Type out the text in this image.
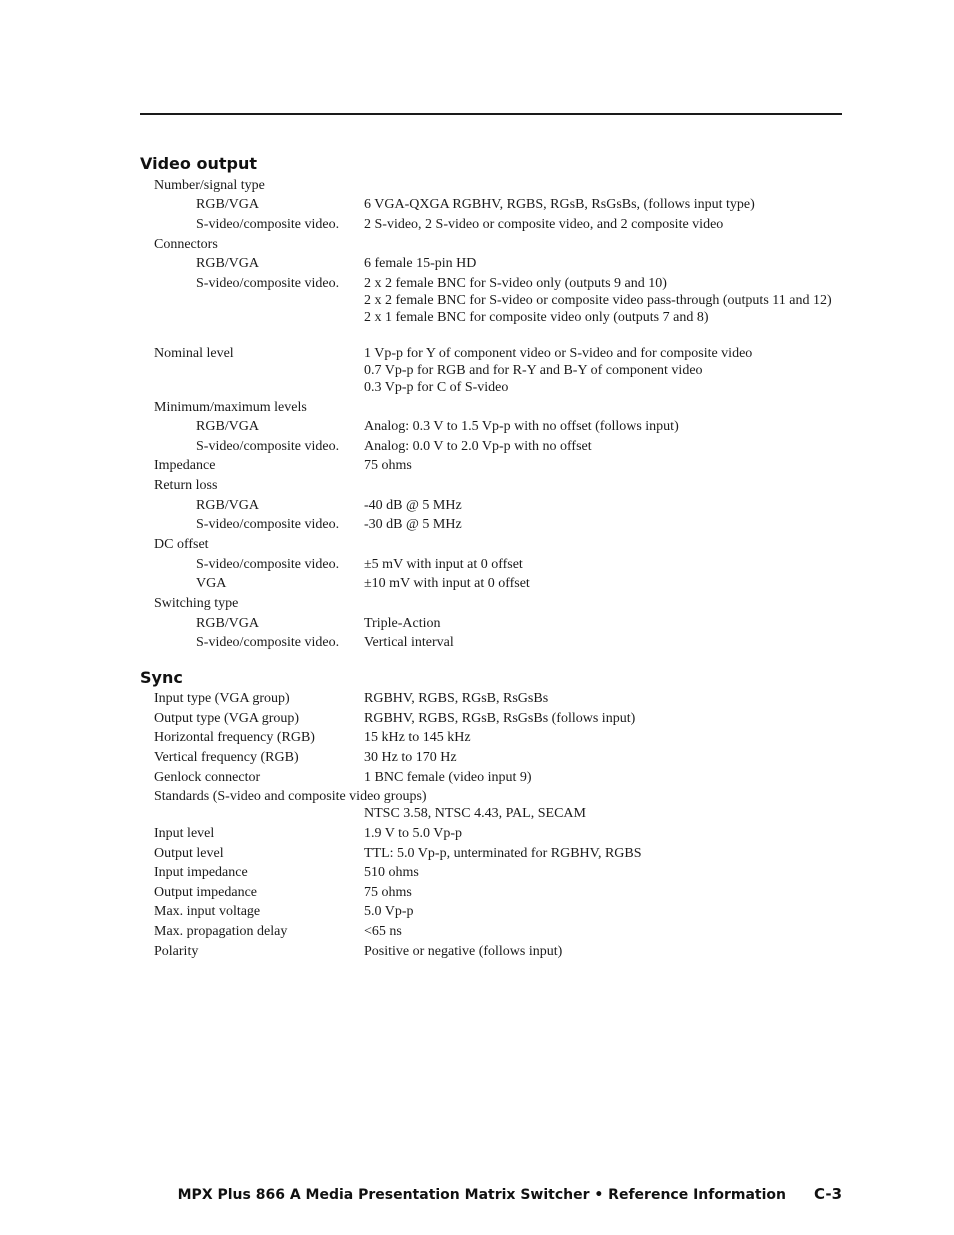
Video output
Number/signal type
RGB/VGA .....	6 VGA-QXGA RGBHV, RGBS, RGsB, RsGsBs, (follows input type)
S-video/composite video.	2 S-video, 2 S-video or composite video, and 2 composite video
Connectors
RGB/VGA .....	6 female 15-pin HD
S-video/composite video.	2 x 2 female BNC for S-video only (outputs 9 and 10)
2 x 2 female BNC for S-video or composite video pass-through (outputs 11 and 12)
2 x 1 female BNC for composite video only (outputs 7 and 8)
Nominal level .....	1 Vp-p for Y of component video or S-video and for composite video
0.7 Vp-p for RGB and for R-Y and B-Y of component video
0.3 Vp-p for C of S-video
Minimum/maximum levels
RGB/VGA .....	Analog: 0.3 V to 1.5 Vp-p with no offset (follows input)
S-video/composite video.	Analog: 0.0 V to 2.0 Vp-p with no offset
Impedance .....	75 ohms
Return loss
RGB/VGA .....	-40 dB @ 5 MHz
S-video/composite video.	-30 dB @ 5 MHz
DC offset
S-video/composite video.	±5 mV with input at 0 offset
VGA .....	±10 mV with input at 0 offset
Switching type
RGB/VGA .....	Triple-Action
S-video/composite video.	Vertical interval
Sync
Input type (VGA group) .....	RGBHV, RGBS, RGsB, RsGsBs
Output type (VGA group) .....	RGBHV, RGBS, RGsB, RsGsBs (follows input)
Horizontal frequency (RGB) .....	15 kHz to 145 kHz
Vertical frequency (RGB) .....	30 Hz to 170 Hz
Genlock connector .....	1 BNC female (video input 9)
Standards (S-video and composite video groups)
NTSC 3.58, NTSC 4.43, PAL, SECAM
Input level .....	1.9 V to 5.0 Vp-p
Output level .....	TTL: 5.0 Vp-p, unterminated for RGBHV, RGBS
Input impedance .....	510 ohms
Output impedance .....	75 ohms
Max. input voltage .....	5.0 Vp-p
Max. propagation delay .....	<65 ns
Polarity .....	Positive or negative (follows input)
MPX Plus 866 A Media Presentation Matrix Switcher • Reference Information C-3
